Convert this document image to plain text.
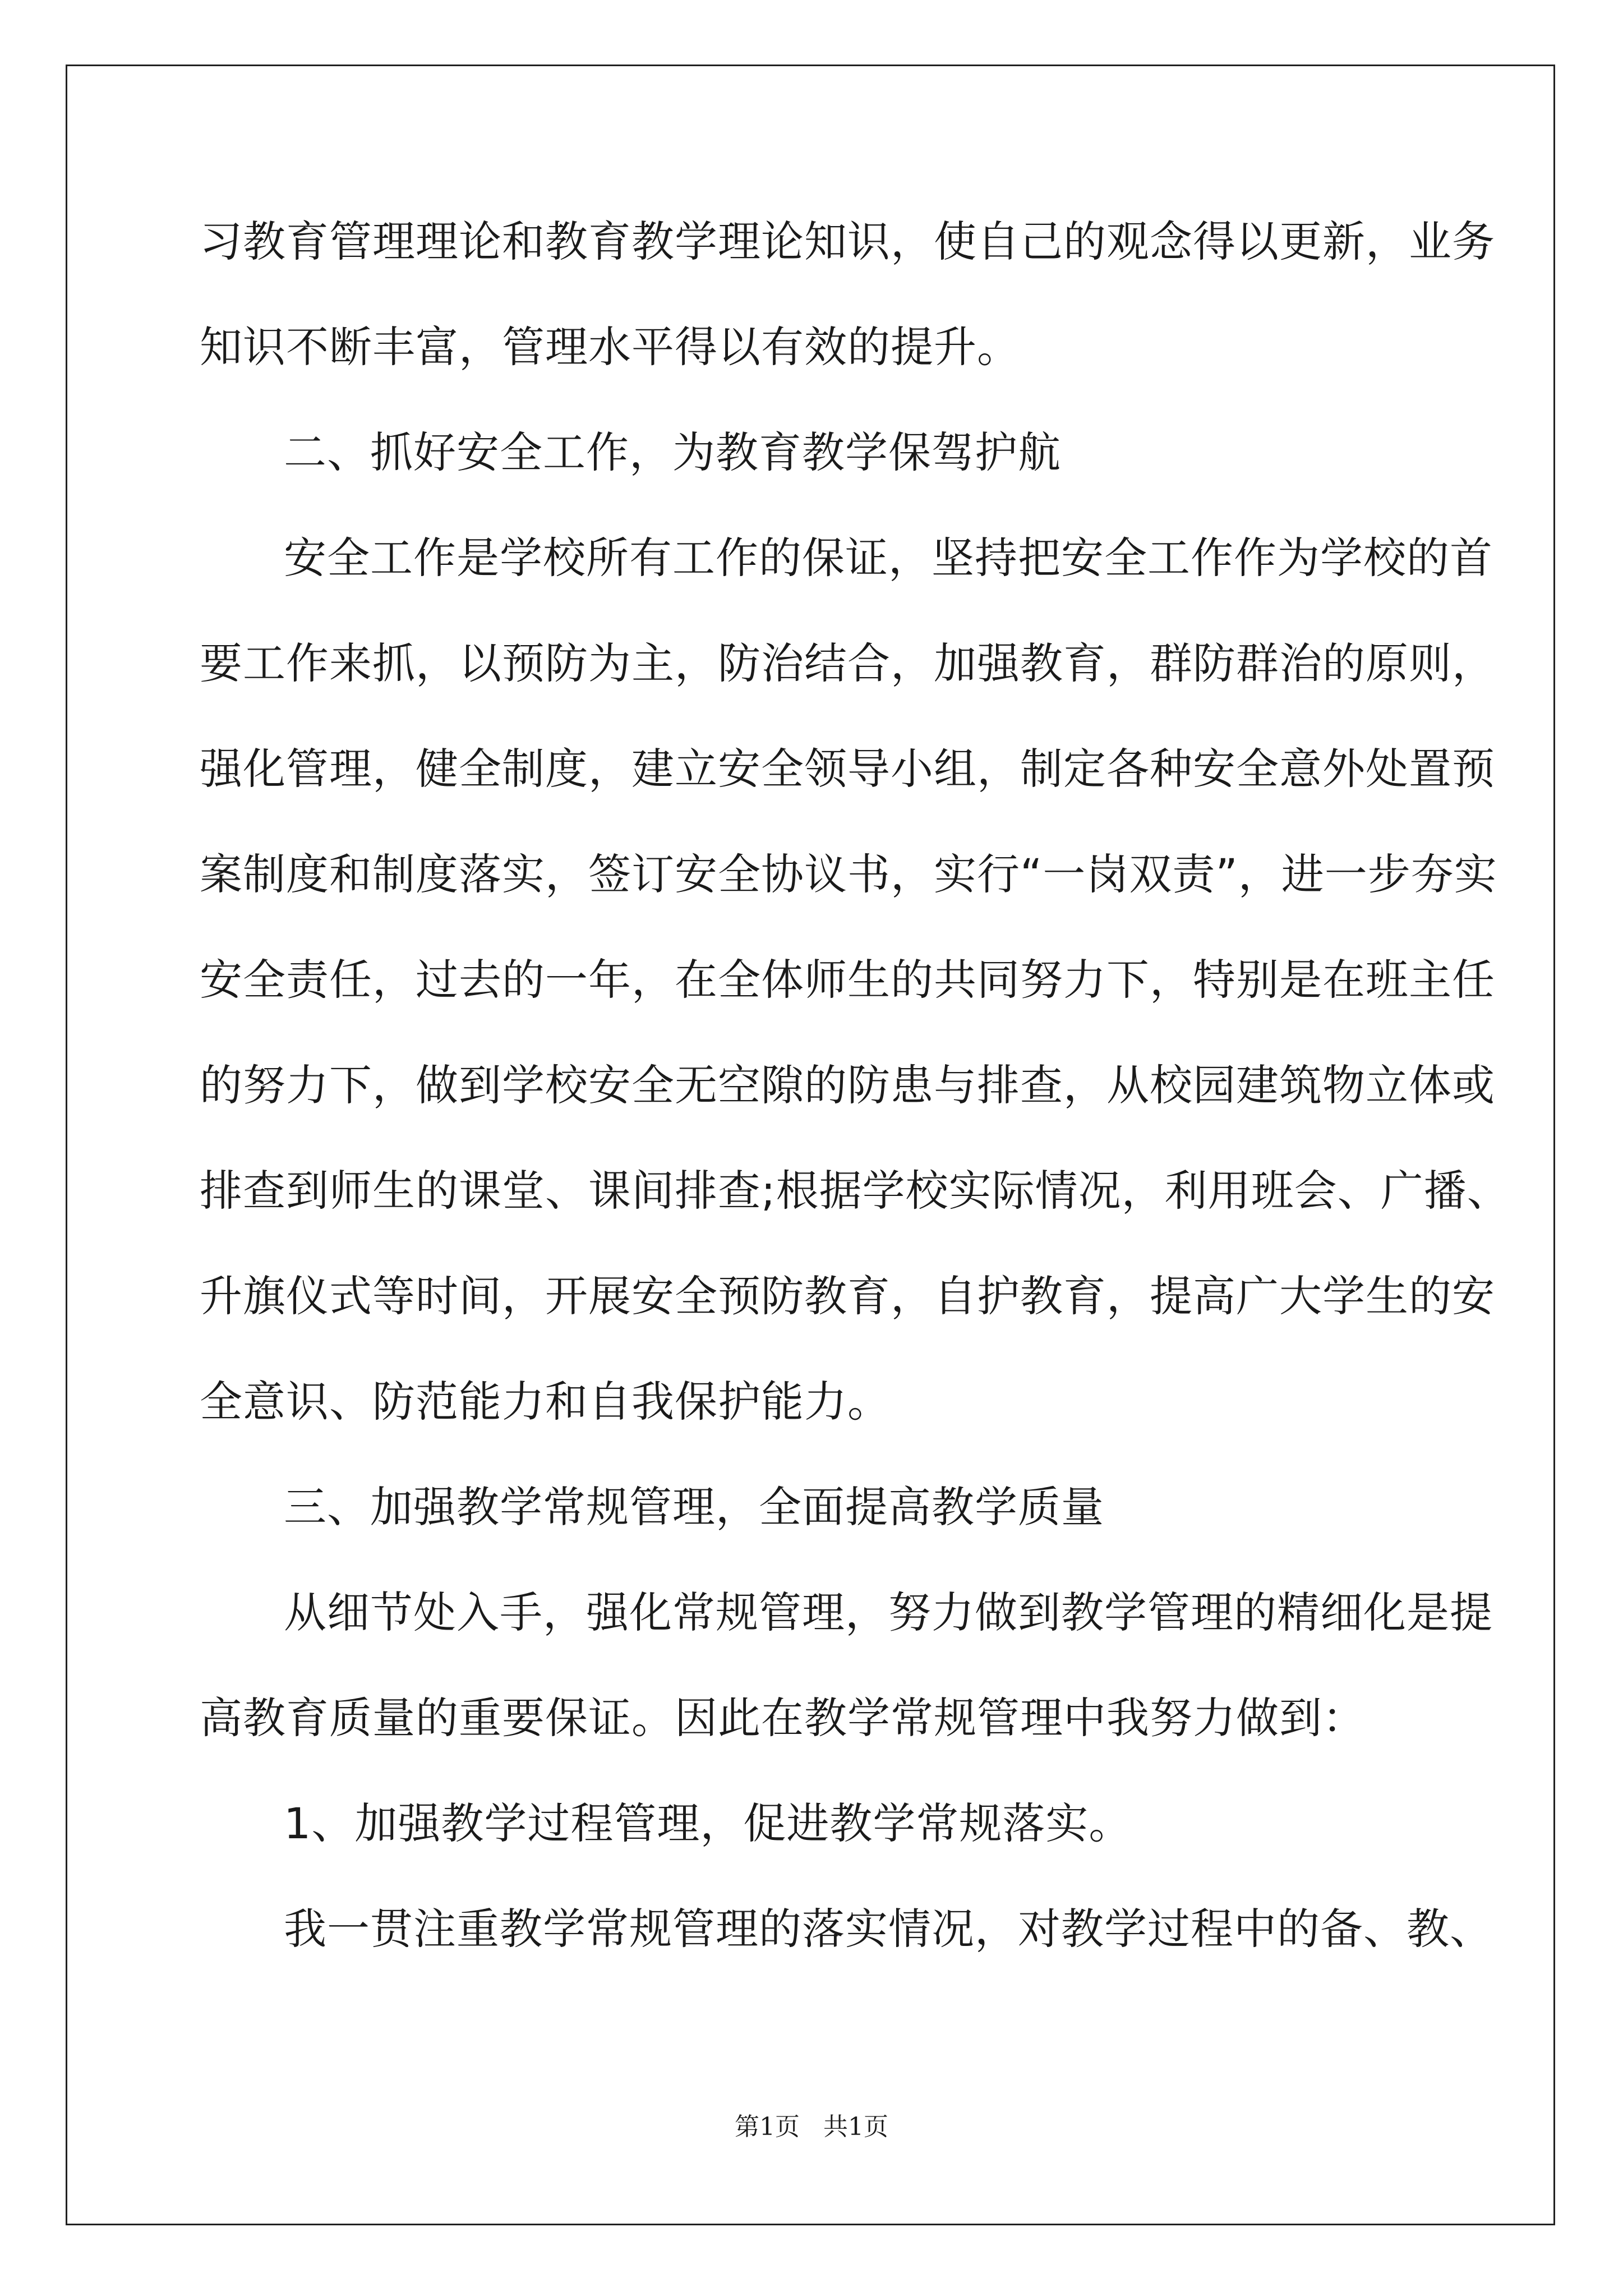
习教育管理理论和教育教学理论知识，使自己的观念得以更新，业务
知识不断丰富，管理水平得以有效的提升。
二、抓好安全工作，为教育教学保驾护航
安全工作是学校所有工作的保证，坚持把安全工作作为学校的首
要工作来抓，以预防为主，防治结合，加强教育，群防群治的原则，
强化管理，健全制度，建立安全领导小组，制定各种安全意外处置预
案制度和制度落实，签订安全协议书，实行“一岗双责”，进一步夯实
安全责任，过去的一年，在全体师生的共同努力下，特别是在班主任
的努力下，做到学校安全无空隙的防患与排查，从校园建筑物立体或
排查到师生的课堂、课间排查;根据学校实际情况，利用班会、广播、
升旗仪式等时间，开展安全预防教育，自护教育，提高广大学生的安
全意识、防范能力和自我保护能力。
三、加强教学常规管理，全面提高教学质量
从细节处入手，强化常规管理，努力做到教学管理的精细化是提
高教育质量的重要保证。因此在教学常规管理中我努力做到：
1、加强教学过程管理，促进教学常规落实。
我一贯注重教学常规管理的落实情况，对教学过程中的备、教、
第1页   共1页
